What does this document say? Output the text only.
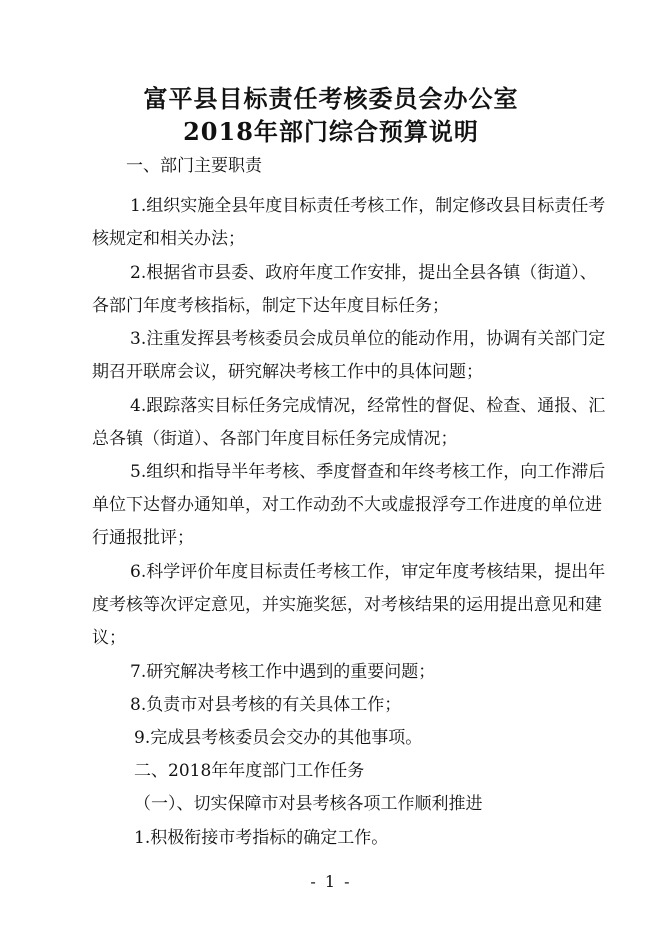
富平县目标责任考核委员会办公室
2018年部门综合预算说明
一、部门主要职责
1.组织实施全县年度目标责任考核工作，制定修改县目标责任考
核规定和相关办法；
2.根据省市县委、政府年度工作安排，提出全县各镇（街道）、
各部门年度考核指标，制定下达年度目标任务；
3.注重发挥县考核委员会成员单位的能动作用，协调有关部门定
期召开联席会议，研究解决考核工作中的具体问题；
4.跟踪落实目标任务完成情况，经常性的督促、检查、通报、汇
总各镇（街道）、各部门年度目标任务完成情况；
5.组织和指导半年考核、季度督查和年终考核工作，向工作滞后
单位下达督办通知单，对工作动劲不大或虚报浮夸工作进度的单位进
行通报批评；
6.科学评价年度目标责任考核工作，审定年度考核结果，提出年
度考核等次评定意见，并实施奖惩，对考核结果的运用提出意见和建
议；
7.研究解决考核工作中遇到的重要问题；
8.负责市对县考核的有关具体工作；
9.完成县考核委员会交办的其他事项。
二、2018年年度部门工作任务
（一）、切实保障市对县考核各项工作顺利推进
1.积极衔接市考指标的确定工作。
- 1 -
